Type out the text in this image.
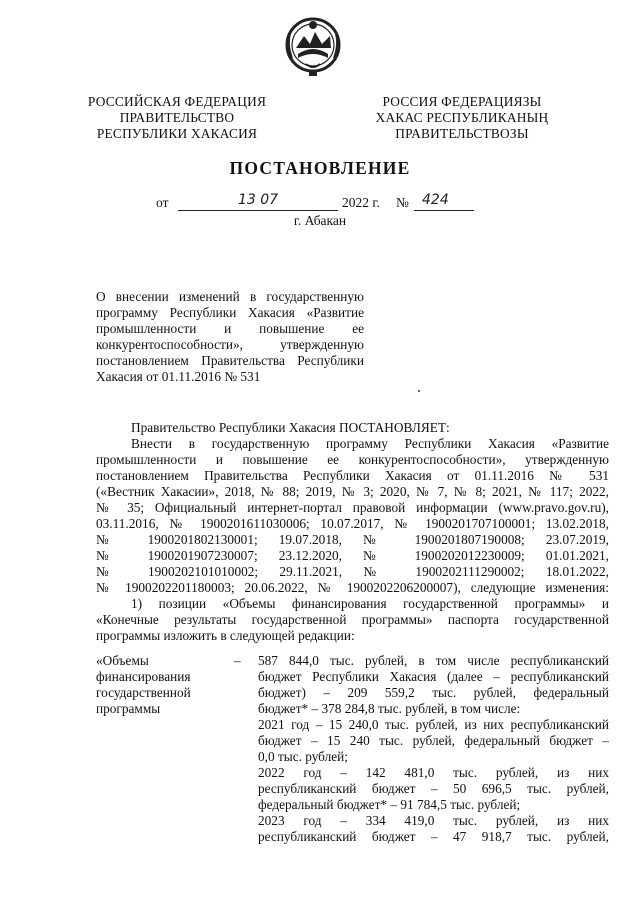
РОССИЙСКАЯ ФЕДЕРАЦИЯ
ПРАВИТЕЛЬСТВО
РЕСПУБЛИКИ ХАКАСИЯ
РОССИЯ ФЕДЕРАЦИЯЗЫ
ХАКАС РЕСПУБЛИКАНЫҢ
ПРАВИТЕЛЬСТВОЗЫ
ПОСТАНОВЛЕНИЕ
от	13 07	2022 г. № 424
г. Абакан
О внесении изменений в государственную
программу Республики Хакасия «Развитие
промышленности и повышение ее
конкурентоспособности», утвержденную
постановлением Правительства Республики
Хакасия от 01.11.2016 № 531
Правительство Республики Хакасия ПОСТАНОВЛЯЕТ:
Внести в государственную программу Республики Хакасия «Развитие
промышленности и повышение ее конкурентоспособности», утвержденную
постановлением Правительства Республики Хакасия от 01.11.2016 № 531
(«Вестник Хакасии», 2018, № 88; 2019, № 3; 2020, № 7, № 8; 2021, № 117; 2022,
№ 35; Официальный интернет-портал правовой информации (www.pravo.gov.ru),
03.11.2016, № 1900201611030006; 10.07.2017, № 1900201707100001; 13.02.2018,
№ 1900201802130001; 19.07.2018, № 1900201807190008; 23.07.2019,
№ 1900201907230007; 23.12.2020, № 1900202012230009; 01.01.2021,
№ 1900202101010002; 29.11.2021, № 1900202111290002; 18.01.2022,
№ 1900202201180003; 20.06.2022, № 1900202206200007), следующие изменения:
1) позиции «Объемы финансирования государственной программы» и
«Конечные результаты государственной программы» паспорта государственной
программы изложить в следующей редакции:
«Объемы
финансирования
государственной
программы
–	587 844,0 тыс. рублей, в том числе республиканский
бюджет Республики Хакасия (далее – республиканский
бюджет) – 209 559,2 тыс. рублей, федеральный
бюджет* – 378 284,8 тыс. рублей, в том числе:
2021 год – 15 240,0 тыс. рублей, из них республиканский
бюджет – 15 240 тыс. рублей, федеральный бюджет –
0,0 тыс. рублей;
2022 год – 142 481,0 тыс. рублей, из них
республиканский бюджет – 50 696,5 тыс. рублей,
федеральный бюджет* – 91 784,5 тыс. рублей;
2023 год – 334 419,0 тыс. рублей, из них
республиканский бюджет – 47 918,7 тыс. рублей,
